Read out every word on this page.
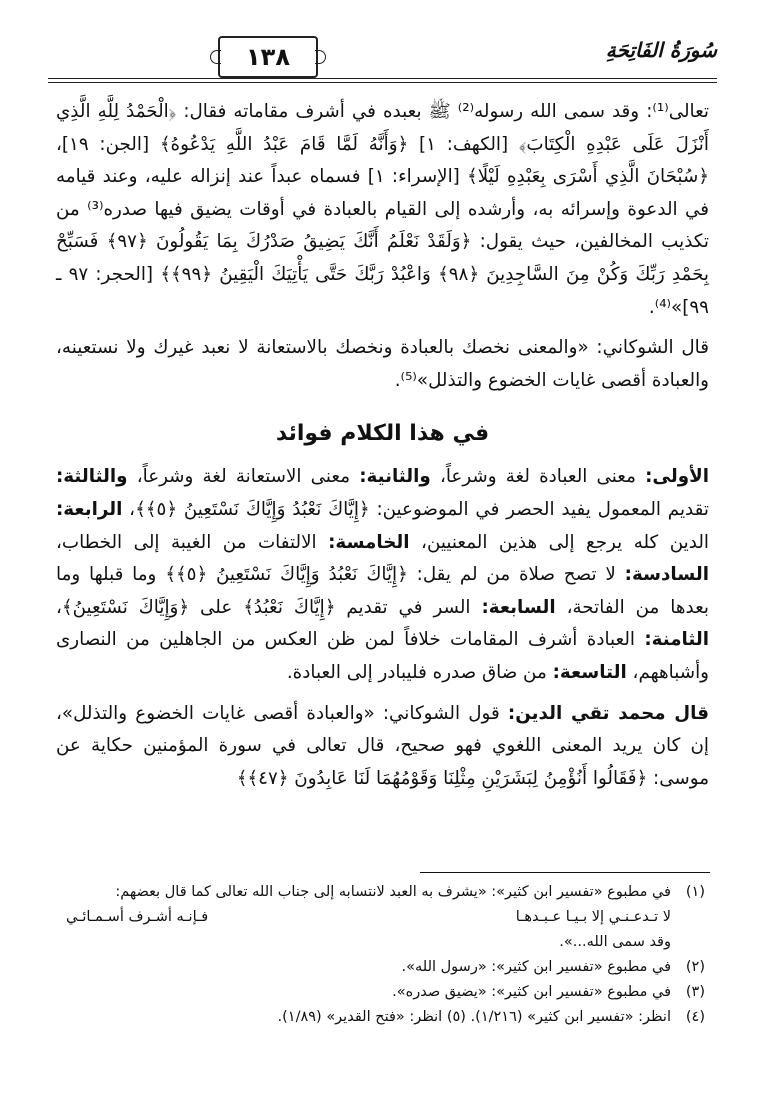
١٣٨	سُورَةُ الفَاتِحَةِ

تعالى⁽¹⁾: وقد سمى الله رسوله⁽²⁾ ﷺ بعبده في أشرف مقاماته فقال: ﴿الْحَمْدُ لِلَّهِ الَّذِي أَنْزَلَ عَلَى عَبْدِهِ الْكِتَابَ﴾ [الكهف: ١] ﴿وَأَنَّهُ لَمَّا قَامَ عَبْدُ اللَّهِ يَدْعُوهُ﴾ [الجن: ١٩]، ﴿سُبْحَانَ الَّذِي أَسْرَى بِعَبْدِهِ لَيْلًا﴾ [الإسراء: ١] فسماه عبداً عند إنزاله عليه، وعند قيامه في الدعوة وإسرائه به، وأرشده إلى القيام بالعبادة في أوقات يضيق فيها صدره⁽³⁾ من تكذيب المخالفين، حيث يقول: ﴿وَلَقَدْ نَعْلَمُ أَنَّكَ يَضِيقُ صَدْرُكَ بِمَا يَقُولُونَ ﴿٩٧﴾ فَسَبِّحْ بِحَمْدِ رَبِّكَ وَكُنْ مِنَ السَّاجِدِينَ ﴿٩٨﴾ وَاعْبُدْ رَبَّكَ حَتَّى يَأْتِيَكَ الْيَقِينُ ﴿٩٩﴾﴾ [الحجر: ٩٧ ـ ٩٩]»⁽⁴⁾.

قال الشوكاني: «والمعنى نخصك بالعبادة ونخصك بالاستعانة لا نعبد غيرك ولا نستعينه، والعبادة أقصى غايات الخضوع والتذلل»⁽⁵⁾.

في هذا الكلام فوائد

الأولى: معنى العبادة لغة وشرعاً، والثانية: معنى الاستعانة لغة وشرعاً، والثالثة: تقديم المعمول يفيد الحصر في الموضوعين: ﴿إِيَّاكَ نَعْبُدُ وَإِيَّاكَ نَسْتَعِينُ ﴿٥﴾﴾، الرابعة: الدين كله يرجع إلى هذين المعنيين، الخامسة: الالتفات من الغيبة إلى الخطاب، السادسة: لا تصح صلاة من لم يقل: ﴿إِيَّاكَ نَعْبُدُ وَإِيَّاكَ نَسْتَعِينُ ﴿٥﴾﴾ وما قبلها وما بعدها من الفاتحة، السابعة: السر في تقديم ﴿إِيَّاكَ نَعْبُدُ﴾ على ﴿وَإِيَّاكَ نَسْتَعِينُ﴾، الثامنة: العبادة أشرف المقامات خلافاً لمن ظن العكس من الجاهلين من النصارى وأشباههم، التاسعة: من ضاق صدره فليبادر إلى العبادة.

قال محمد تقي الدين: قول الشوكاني: «والعبادة أقصى غايات الخضوع والتذلل»، إن كان يريد المعنى اللغوي فهو صحيح، قال تعالى في سورة المؤمنين حكاية عن موسى: ﴿فَقَالُوا أَنُؤْمِنُ لِبَشَرَيْنِ مِثْلِنَا وَقَوْمُهُمَا لَنَا عَابِدُونَ ﴿٤٧﴾﴾

(١)
في مطبوع «تفسير ابن كثير»: «يشرف به العبد لانتسابه إلى جناب الله تعالى كما قال بعضهم:
لا تـدعـنـي إلا بـيـا عـبـدهـا
فـإنـه أشـرف أسـمـائـي
وقد سمى الله...».
(٢)
في مطبوع «تفسير ابن كثير»: «رسول الله».
(٣)
في مطبوع «تفسير ابن كثير»: «يضيق صدره».
(٤)
انظر: «تفسير ابن كثير» (١/٢١٦). (٥) انظر: «فتح القدير» (١/٨٩).
